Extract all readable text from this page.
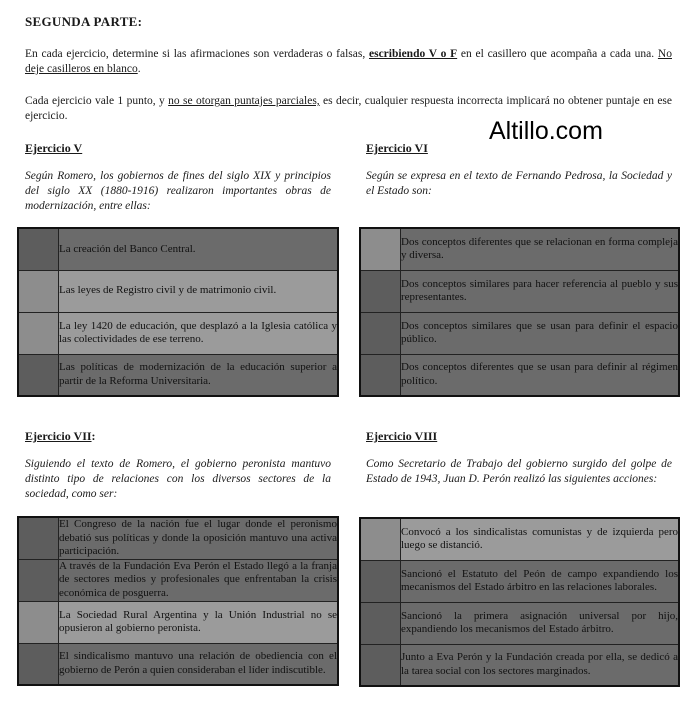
SEGUNDA PARTE:
En cada ejercicio, determine si las afirmaciones son verdaderas o falsas, escribiendo V o F en el casillero que acompaña a cada una. No deje casilleros en blanco.
Cada ejercicio vale 1 punto, y no se otorgan puntajes parciales, es decir, cualquier respuesta incorrecta implicará no obtener puntaje en ese ejercicio.
Altillo.com
Ejercicio V
Según Romero, los gobiernos de fines del siglo XIX y principios del siglo XX (1880-1916) realizaron importantes obras de modernización, entre ellas:
	La creación del Banco Central.
	Las leyes de Registro civil y de matrimonio civil.
	La ley 1420 de educación, que desplazó a la Iglesia católica y las colectividades de ese terreno.
	Las políticas de modernización de la educación superior a partir de la Reforma Universitaria.
Ejercicio VI
Según se expresa en el texto de Fernando Pedrosa, la Sociedad y el Estado son:
	Dos conceptos diferentes que se relacionan en forma compleja y diversa.
	Dos conceptos similares para hacer referencia al pueblo y sus representantes.
	Dos conceptos similares que se usan para definir el espacio público.
	Dos conceptos diferentes que se usan para definir al régimen político.
Ejercicio VII:
Siguiendo el texto de Romero, el gobierno peronista mantuvo distinto tipo de relaciones con los diversos sectores de la sociedad, como ser:
	El Congreso de la nación fue el lugar donde el peronismo debatió sus políticas y donde la oposición mantuvo una activa participación.
	A través de la Fundación Eva Perón el Estado llegó a la franja de sectores medios y profesionales que enfrentaban la crisis económica de posguerra.
	La Sociedad Rural Argentina y la Unión Industrial no se opusieron al gobierno peronista.
	El sindicalismo mantuvo una relación de obediencia con el gobierno de Perón a quien consideraban el líder indiscutible.
Ejercicio VIII
Como Secretario de Trabajo del gobierno surgido del golpe de Estado de 1943, Juan D. Perón realizó las siguientes acciones:
	Convocó a los sindicalistas comunistas y de izquierda pero luego se distanció.
	Sancionó el Estatuto del Peón de campo expandiendo los mecanismos del Estado árbitro en las relaciones laborales.
	Sancionó la primera asignación universal por hijo, expandiendo los mecanismos del Estado árbitro.
	Junto a Eva Perón y la Fundación creada por ella, se dedicó a la tarea social con los sectores marginados.
